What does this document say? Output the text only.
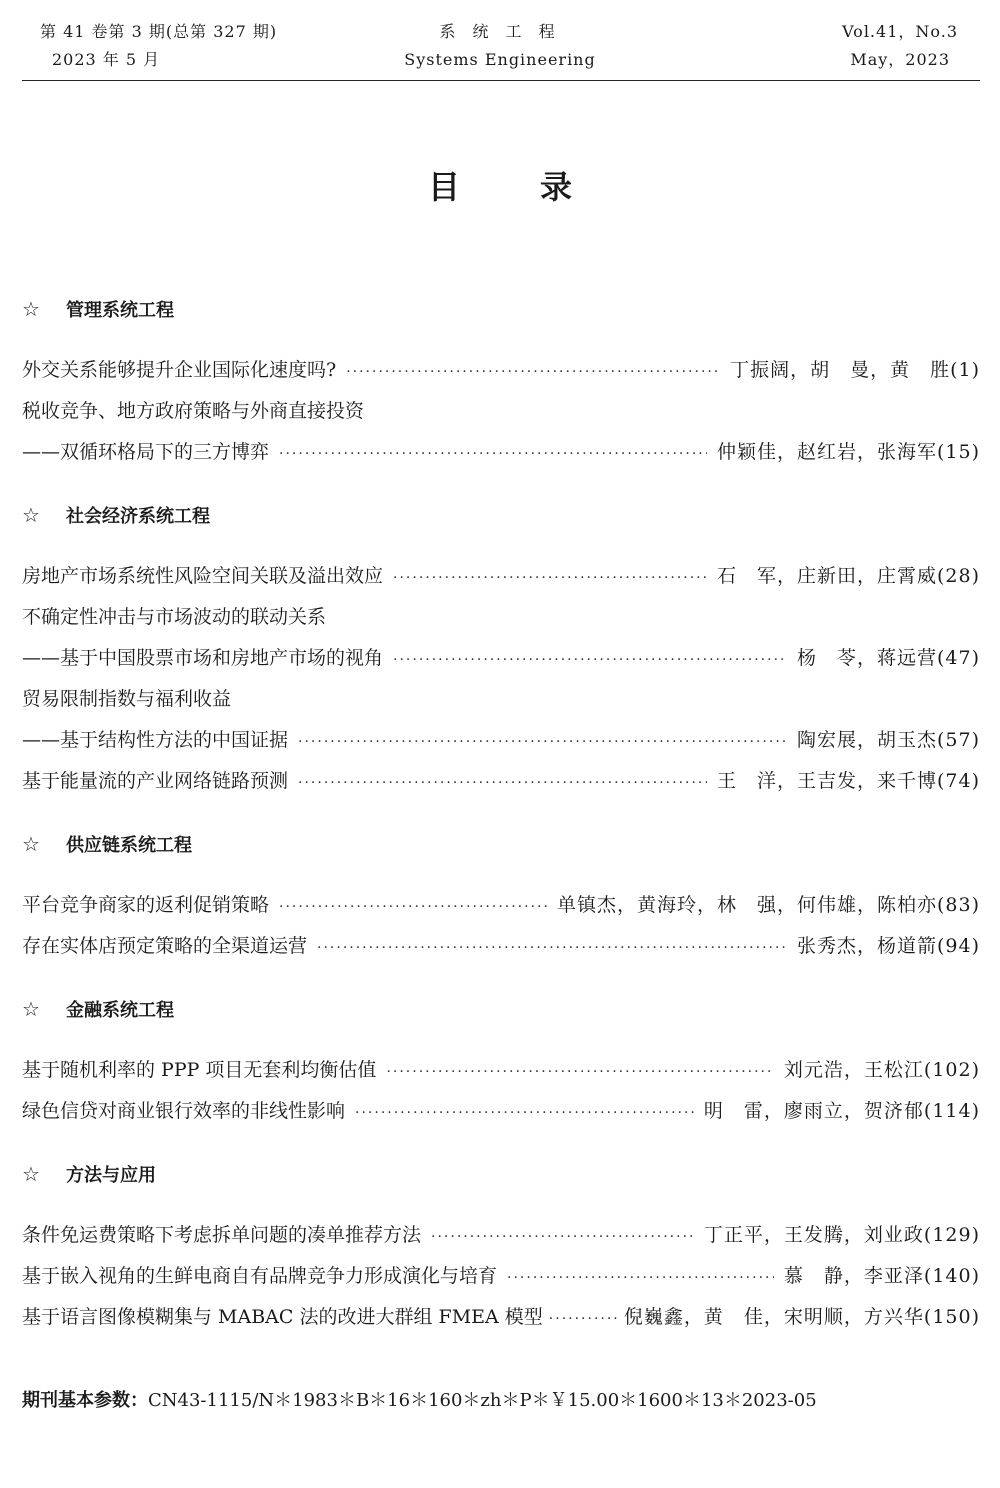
第 41 卷第 3 期(总第 327 期)
2023 年 5 月
系 统 工 程
Systems Engineering
Vol.41，No.3
May，2023
目录
☆	管理系统工程
外交关系能够提升企业国际化速度吗? ·····	丁振阔，胡　曼，黄　胜(1)
税收竞争、地方政府策略与外商直接投资
——双循环格局下的三方博弈 ·····	仲颖佳，赵红岩，张海军(15)
☆	社会经济系统工程
房地产市场系统性风险空间关联及溢出效应 ·····	石　军，庄新田，庄霄威(28)
不确定性冲击与市场波动的联动关系
——基于中国股票市场和房地产市场的视角 ·····	杨　苓，蒋远营(47)
贸易限制指数与福利收益
——基于结构性方法的中国证据 ·····	陶宏展，胡玉杰(57)
基于能量流的产业网络链路预测 ·····	王　洋，王吉发，来千博(74)
☆	供应链系统工程
平台竞争商家的返利促销策略 ·····	单镇杰，黄海玲，林　强，何伟雄，陈柏亦(83)
存在实体店预定策略的全渠道运营 ·····	张秀杰，杨道箭(94)
☆	金融系统工程
基于随机利率的 PPP 项目无套利均衡估值 ·····	刘元浩，王松江(102)
绿色信贷对商业银行效率的非线性影响 ·····	明　雷，廖雨立，贺济郁(114)
☆	方法与应用
条件免运费策略下考虑拆单问题的凑单推荐方法 ·····	丁正平，王发腾，刘业政(129)
基于嵌入视角的生鲜电商自有品牌竞争力形成演化与培育 ·····	慕　静，李亚泽(140)
基于语言图像模糊集与 MABAC 法的改进大群组 FMEA 模型 ·····	倪巍鑫，黄　佳，宋明顺，方兴华(150)
期刊基本参数：CN43-1115/N＊1983＊B＊16＊160＊zh＊P＊￥15.00＊1600＊13＊2023-05
